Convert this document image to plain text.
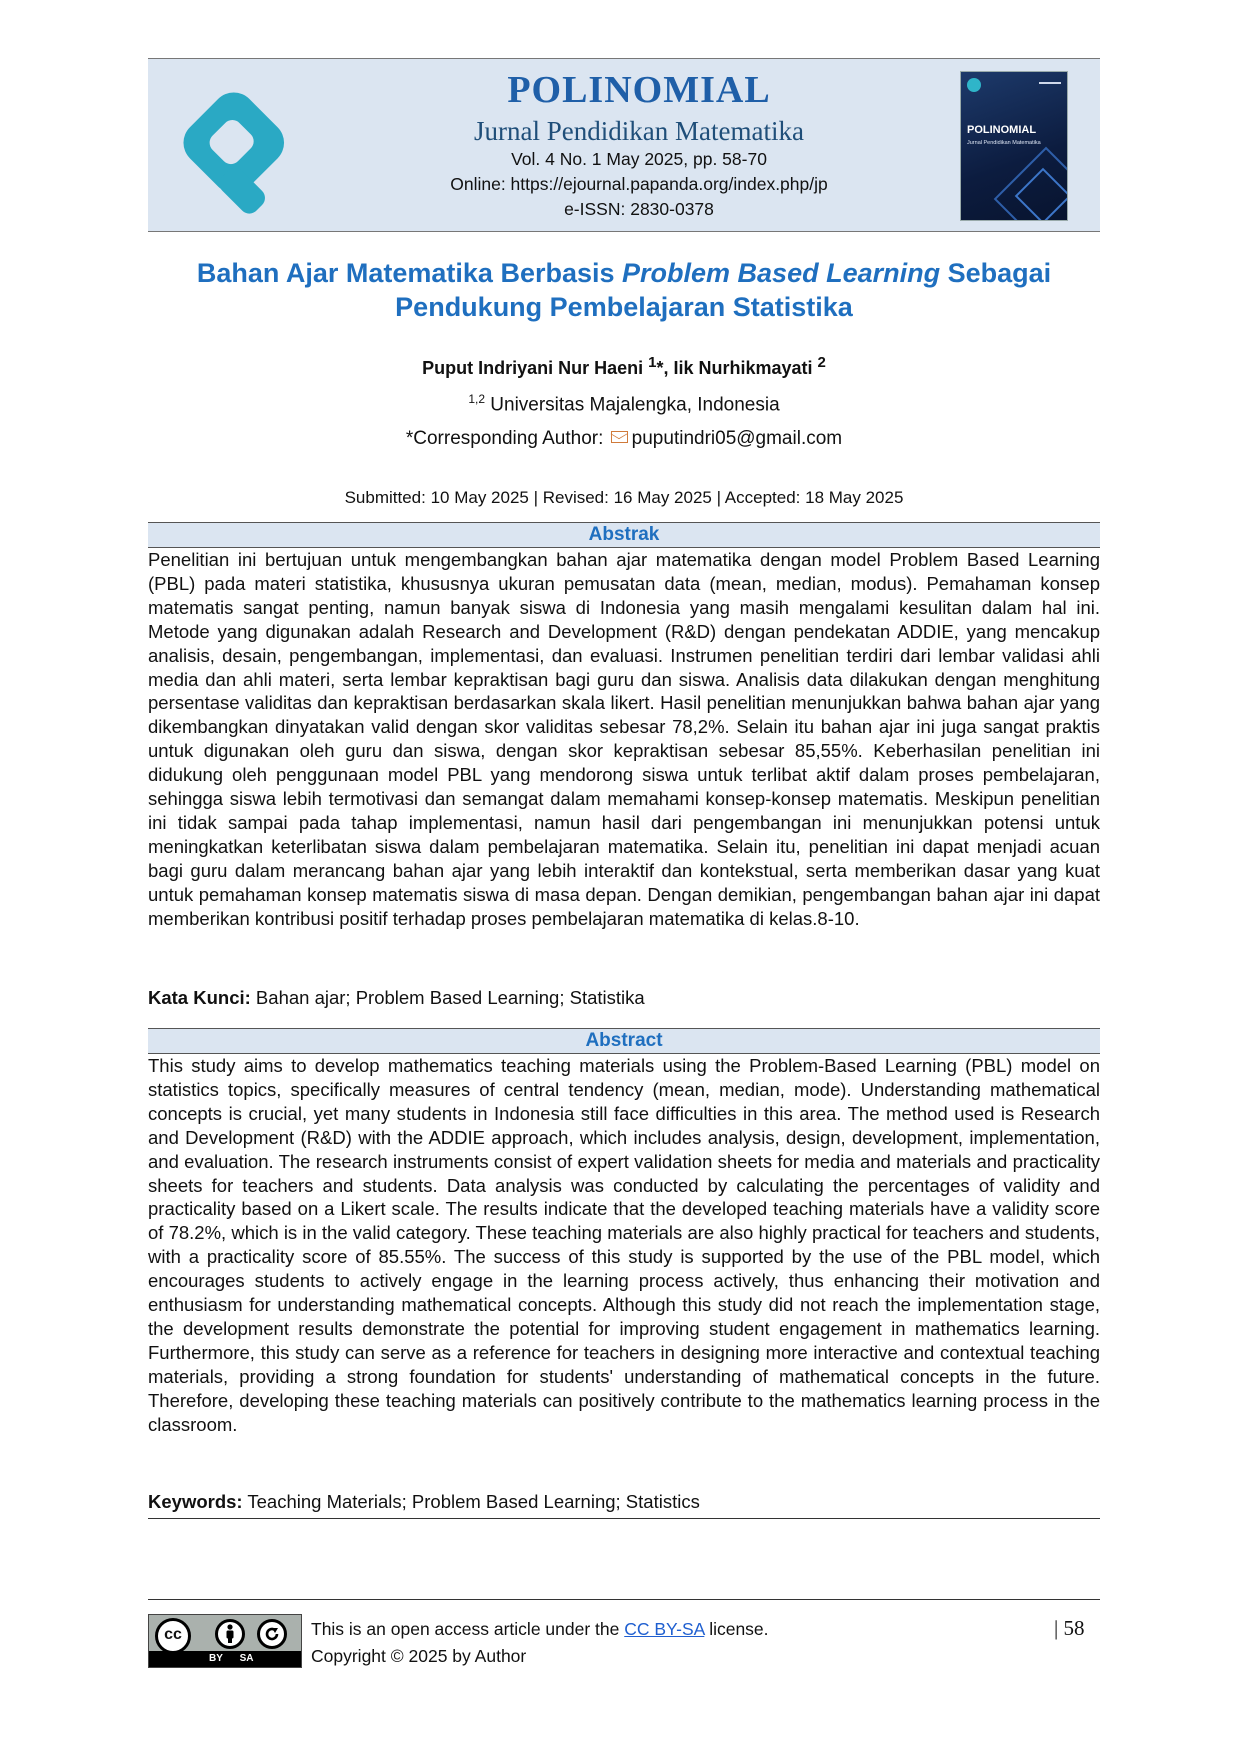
POLINOMIAL
Jurnal Pendidikan Matematika
Vol. 4 No. 1 May 2025, pp. 58-70
Online: https://ejournal.papanda.org/index.php/jp
e-ISSN: 2830-0378
POLINOMIAL
Jurnal Pendidikan Matematika
Bahan Ajar Matematika Berbasis Problem Based Learning Sebagai
Pendukung Pembelajaran Statistika
Puput Indriyani Nur Haeni $^1$*, Iik Nurhikmayati $^2$
$^{1,2}$ Universitas Majalengka, Indonesia
*Corresponding Author: puputindri05@gmail.com
Submitted: 10 May 2025 | Revised: 16 May 2025 | Accepted: 18 May 2025
Abstrak
Penelitian ini bertujuan untuk mengembangkan bahan ajar matematika dengan model Problem Based Learning (PBL) pada materi statistika, khususnya ukuran pemusatan data (mean, median, modus). Pemahaman konsep matematis sangat penting, namun banyak siswa di Indonesia yang masih mengalami kesulitan dalam hal ini. Metode yang digunakan adalah Research and Development (R&D) dengan pendekatan ADDIE, yang mencakup analisis, desain, pengembangan, implementasi, dan evaluasi. Instrumen penelitian terdiri dari lembar validasi ahli media dan ahli materi, serta lembar kepraktisan bagi guru dan siswa. Analisis data dilakukan dengan menghitung persentase validitas dan kepraktisan berdasarkan skala likert. Hasil penelitian menunjukkan bahwa bahan ajar yang dikembangkan dinyatakan valid dengan skor validitas sebesar 78,2%. Selain itu bahan ajar ini juga sangat praktis untuk digunakan oleh guru dan siswa, dengan skor kepraktisan sebesar 85,55%. Keberhasilan penelitian ini didukung oleh penggunaan model PBL yang mendorong siswa untuk terlibat aktif dalam proses pembelajaran, sehingga siswa lebih termotivasi dan semangat dalam memahami konsep-konsep matematis. Meskipun penelitian ini tidak sampai pada tahap implementasi, namun hasil dari pengembangan ini menunjukkan potensi untuk meningkatkan keterlibatan siswa dalam pembelajaran matematika. Selain itu, penelitian ini dapat menjadi acuan bagi guru dalam merancang bahan ajar yang lebih interaktif dan kontekstual, serta memberikan dasar yang kuat untuk pemahaman konsep matematis siswa di masa depan. Dengan demikian, pengembangan bahan ajar ini dapat memberikan kontribusi positif terhadap proses pembelajaran matematika di kelas.8-10.
Kata Kunci: Bahan ajar; Problem Based Learning; Statistika
Abstract
This study aims to develop mathematics teaching materials using the Problem-Based Learning (PBL) model on statistics topics, specifically measures of central tendency (mean, median, mode). Understanding mathematical concepts is crucial, yet many students in Indonesia still face difficulties in this area. The method used is Research and Development (R&D) with the ADDIE approach, which includes analysis, design, development, implementation, and evaluation. The research instruments consist of expert validation sheets for media and materials and practicality sheets for teachers and students. Data analysis was conducted by calculating the percentages of validity and practicality based on a Likert scale. The results indicate that the developed teaching materials have a validity score of 78.2%, which is in the valid category. These teaching materials are also highly practical for teachers and students, with a practicality score of 85.55%. The success of this study is supported by the use of the PBL model, which encourages students to actively engage in the learning process actively, thus enhancing their motivation and enthusiasm for understanding mathematical concepts. Although this study did not reach the implementation stage, the development results demonstrate the potential for improving student engagement in mathematics learning. Furthermore, this study can serve as a reference for teachers in designing more interactive and contextual teaching materials, providing a strong foundation for students' understanding of mathematical concepts in the future. Therefore, developing these teaching materials can positively contribute to the mathematics learning process in the classroom.
Keywords: Teaching Materials; Problem Based Learning; Statistics
cc
BY SA
This is an open access article under the CC BY-SA license.
Copyright © 2025 by Author
| 58
